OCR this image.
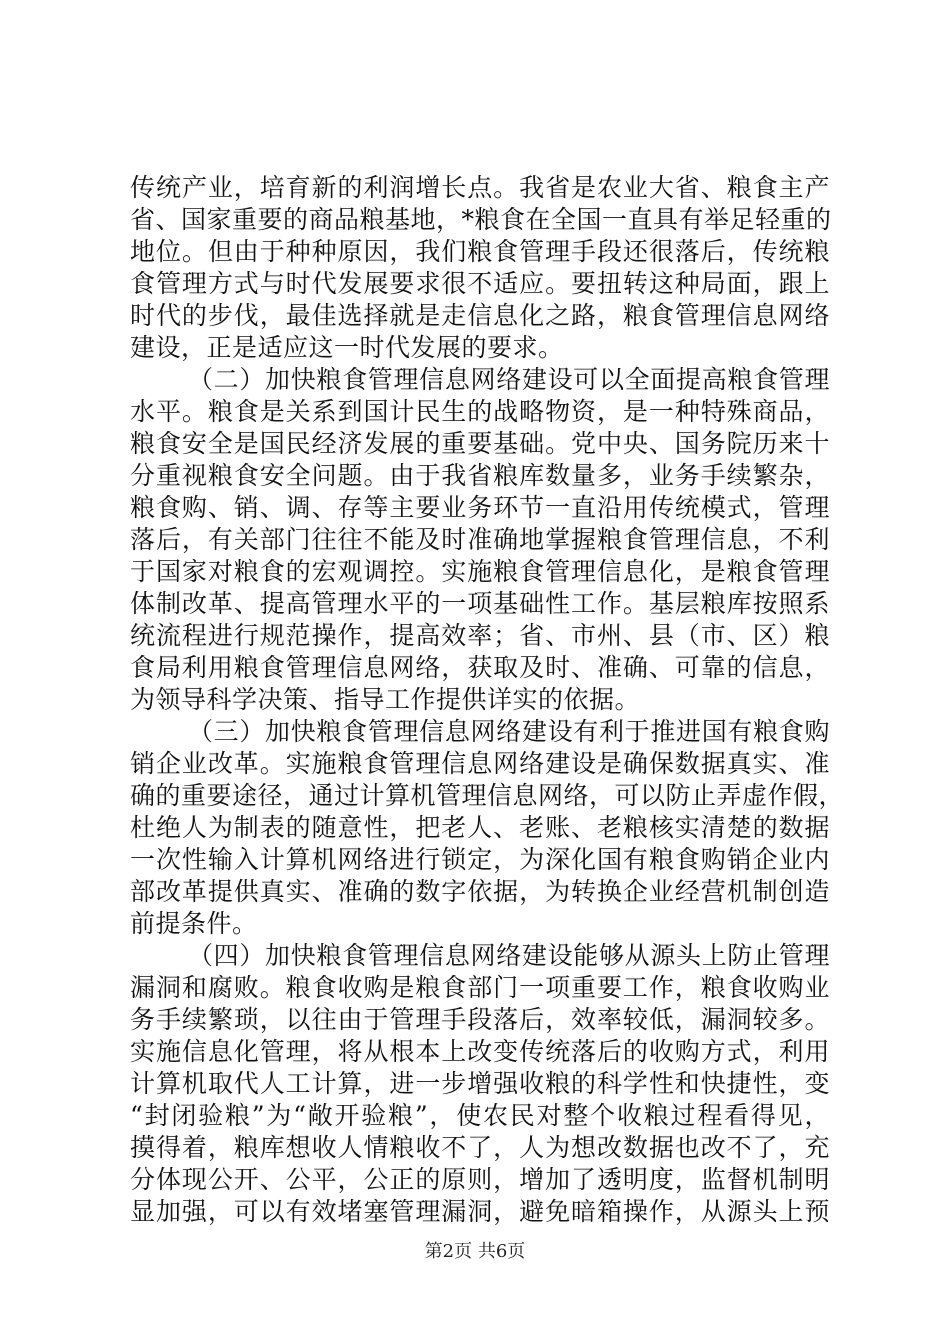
传统产业，培育新的利润增长点。我省是农业大省、粮食主产
省、国家重要的商品粮基地，*粮食在全国一直具有举足轻重的
地位。但由于种种原因，我们粮食管理手段还很落后，传统粮
食管理方式与时代发展要求很不适应。要扭转这种局面，跟上
时代的步伐，最佳选择就是走信息化之路，粮食管理信息网络
建设，正是适应这一时代发展的要求。
（二）加快粮食管理信息网络建设可以全面提高粮食管理
水平。粮食是关系到国计民生的战略物资，是一种特殊商品，
粮食安全是国民经济发展的重要基础。党中央、国务院历来十
分重视粮食安全问题。由于我省粮库数量多，业务手续繁杂，
粮食购、销、调、存等主要业务环节一直沿用传统模式，管理
落后，有关部门往往不能及时准确地掌握粮食管理信息，不利
于国家对粮食的宏观调控。实施粮食管理信息化，是粮食管理
体制改革、提高管理水平的一项基础性工作。基层粮库按照系
统流程进行规范操作，提高效率；省、市州、县（市、区）粮
食局利用粮食管理信息网络，获取及时、准确、可靠的信息，
为领导科学决策、指导工作提供详实的依据。
（三）加快粮食管理信息网络建设有利于推进国有粮食购
销企业改革。实施粮食管理信息网络建设是确保数据真实、准
确的重要途径，通过计算机管理信息网络，可以防止弄虚作假，
杜绝人为制表的随意性，把老人、老账、老粮核实清楚的数据
一次性输入计算机网络进行锁定，为深化国有粮食购销企业内
部改革提供真实、准确的数字依据，为转换企业经营机制创造
前提条件。
（四）加快粮食管理信息网络建设能够从源头上防止管理
漏洞和腐败。粮食收购是粮食部门一项重要工作，粮食收购业
务手续繁琐，以往由于管理手段落后，效率较低，漏洞较多。
实施信息化管理，将从根本上改变传统落后的收购方式，利用
计算机取代人工计算，进一步增强收粮的科学性和快捷性，变
“封闭验粮”为“敞开验粮”，使农民对整个收粮过程看得见，
摸得着，粮库想收人情粮收不了，人为想改数据也改不了，充
分体现公开、公平，公正的原则，增加了透明度，监督机制明
显加强，可以有效堵塞管理漏洞，避免暗箱操作，从源头上预
第2页 共6页
